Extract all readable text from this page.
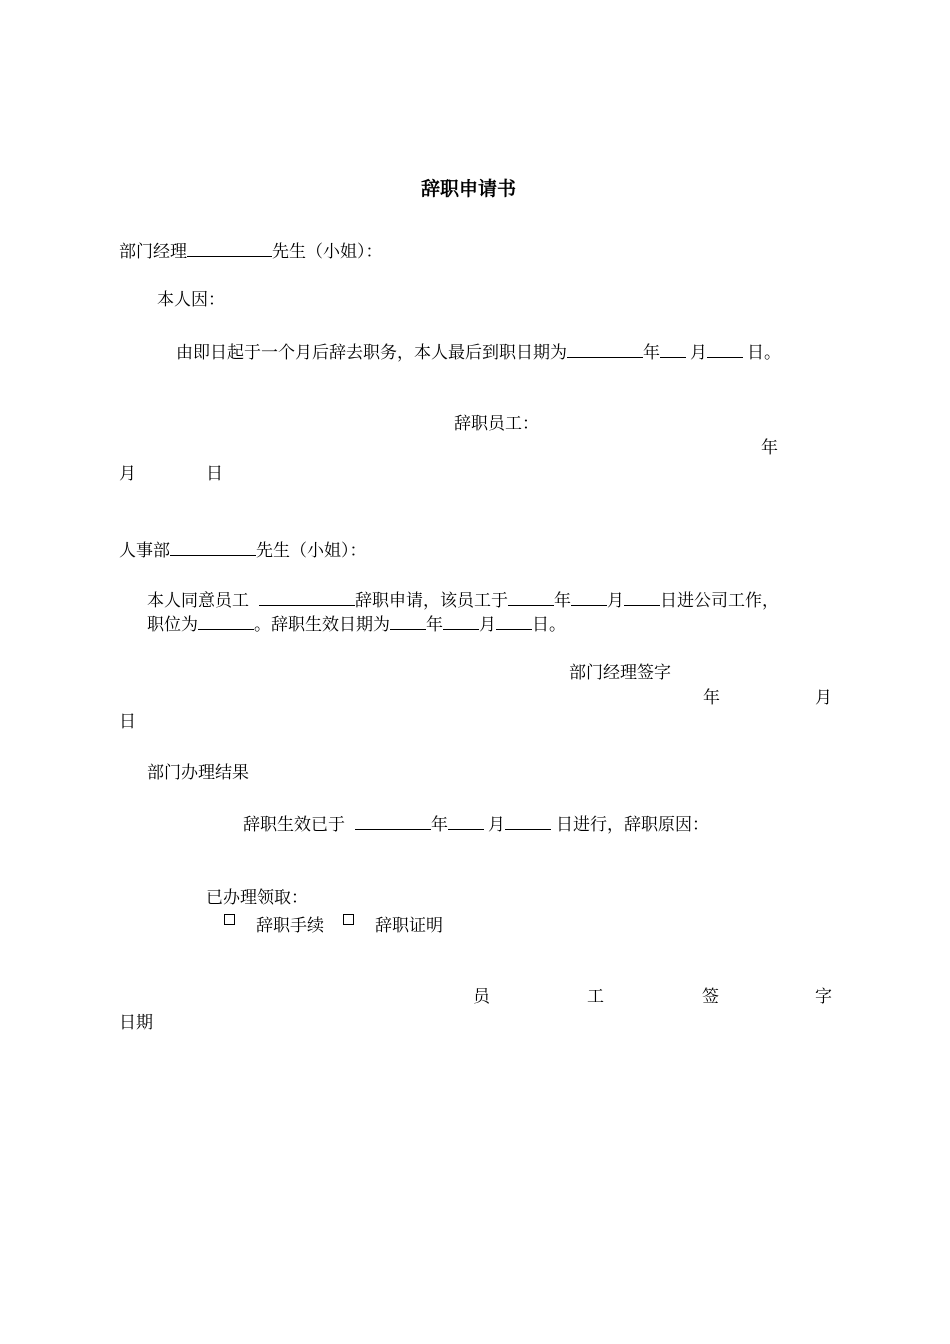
辞职申请书
部门经理	先生（小姐）：
本人因：
由即日起于一个月后辞去职务，本人最后到职日期为	年 月 日。
辞职员工：
年
月	日
人事部	先生（小姐）：
本人同意员工	辞职申请，该员工于	年 月 日进公司工作，
职位为	。辞职生效日期为 年 月 日。
部门经理签字
年	月
日
部门办理结果
辞职生效已于	年 月	日进行，辞职原因：
已办理领取：
辞职手续	辞职证明
员	工	签	字
日期
